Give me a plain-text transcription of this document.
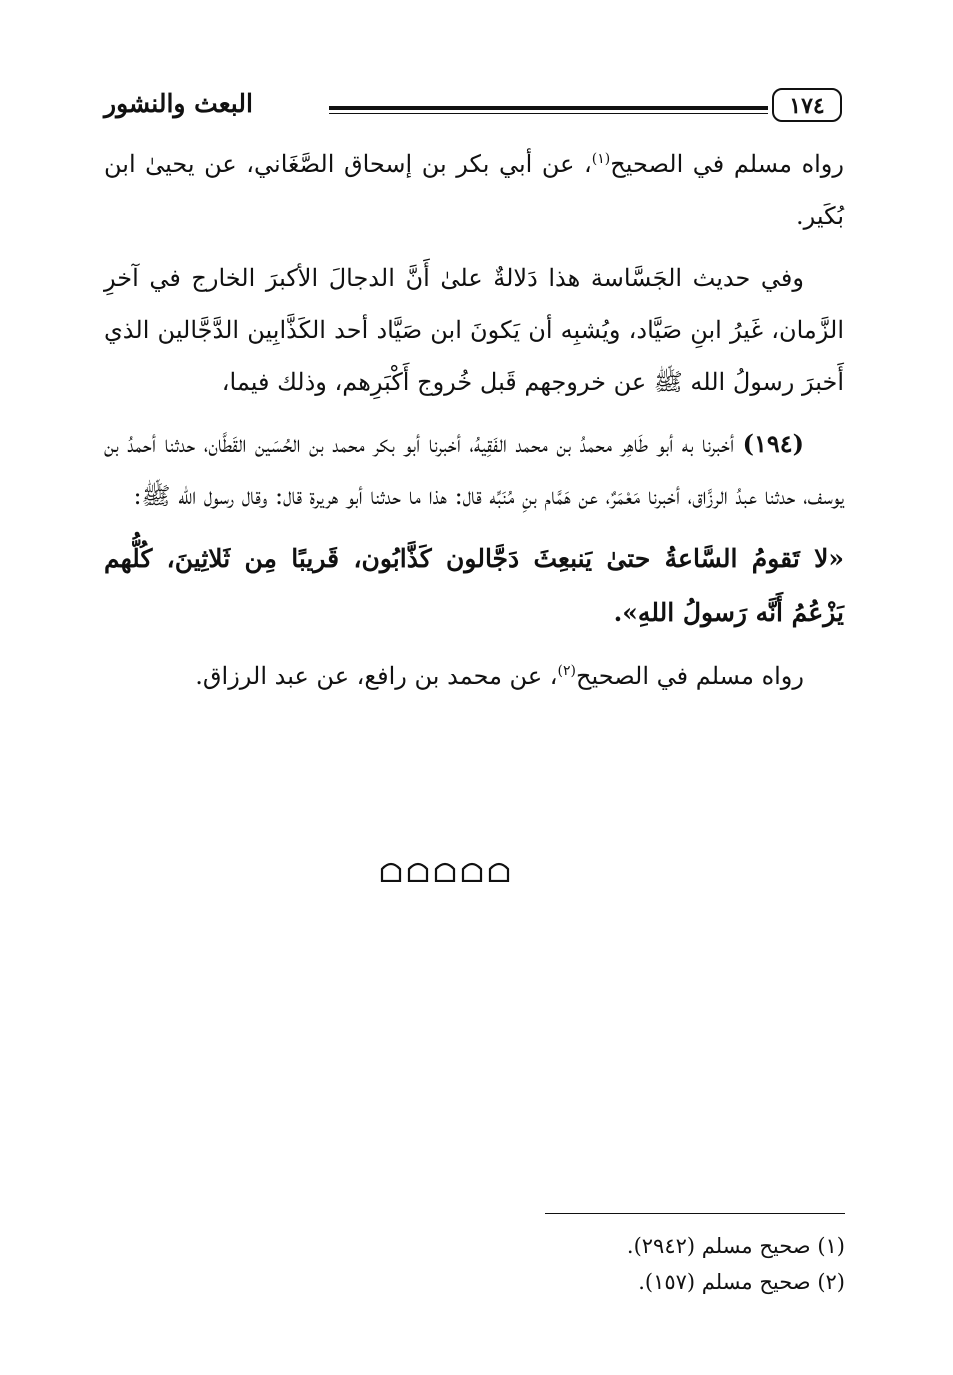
البعث والنشور	١٧٤

رواه مسلم في الصحيح$^{(١)}$، عن أبي بكر بن إسحاق الصَّغَاني، عن يحيىٰ ابن بُكَير.

وفي حديث الجَسَّاسة هذا دَلالةٌ علىٰ أَنَّ الدجالَ الأكبرَ الخارج في آخرِ الزَّمان، غَيرُ ابنِ صَيَّاد، ويُشبِه أن يَكونَ ابن صَيَّاد أحد الكَذَّابِين الدَّجَّالين الذي أَخبرَ رسولُ الله ﷺ عن خروجهم قَبل خُروج أَكْبَرِهم، وذلك فيما،

(١٩٤) أخبرنا به أبو طَاهِر محمدُ بن محمد الفَقِيهُ، أخبرنا أبو بكر محمد بن الحُسَين القَطَّان، حدثنا أحمدُ بن يوسف، حدثنا عبدُ الرزَّاق، أخبرنا مَعْمَرٌ، عن هَمَّام بنِ مُنَبِّه قال: هذا ما حدثنا أبو هريرة قال: وقال رسول الله ﷺ:

«لا تَقومُ السَّاعةُ حتىٰ يَنبعِثَ دَجَّالون كَذَّابُون، قَريبًا مِن ثَلاثِينَ، كُلُّهم يَزْعُمُ أَنَّه رَسولُ اللهِ».

رواه مسلم في الصحيح$^{(٢)}$، عن محمد بن رافع، عن عبد الرزاق.

(١) صحيح مسلم (٢٩٤٢).

(٢) صحيح مسلم (١٥٧).
